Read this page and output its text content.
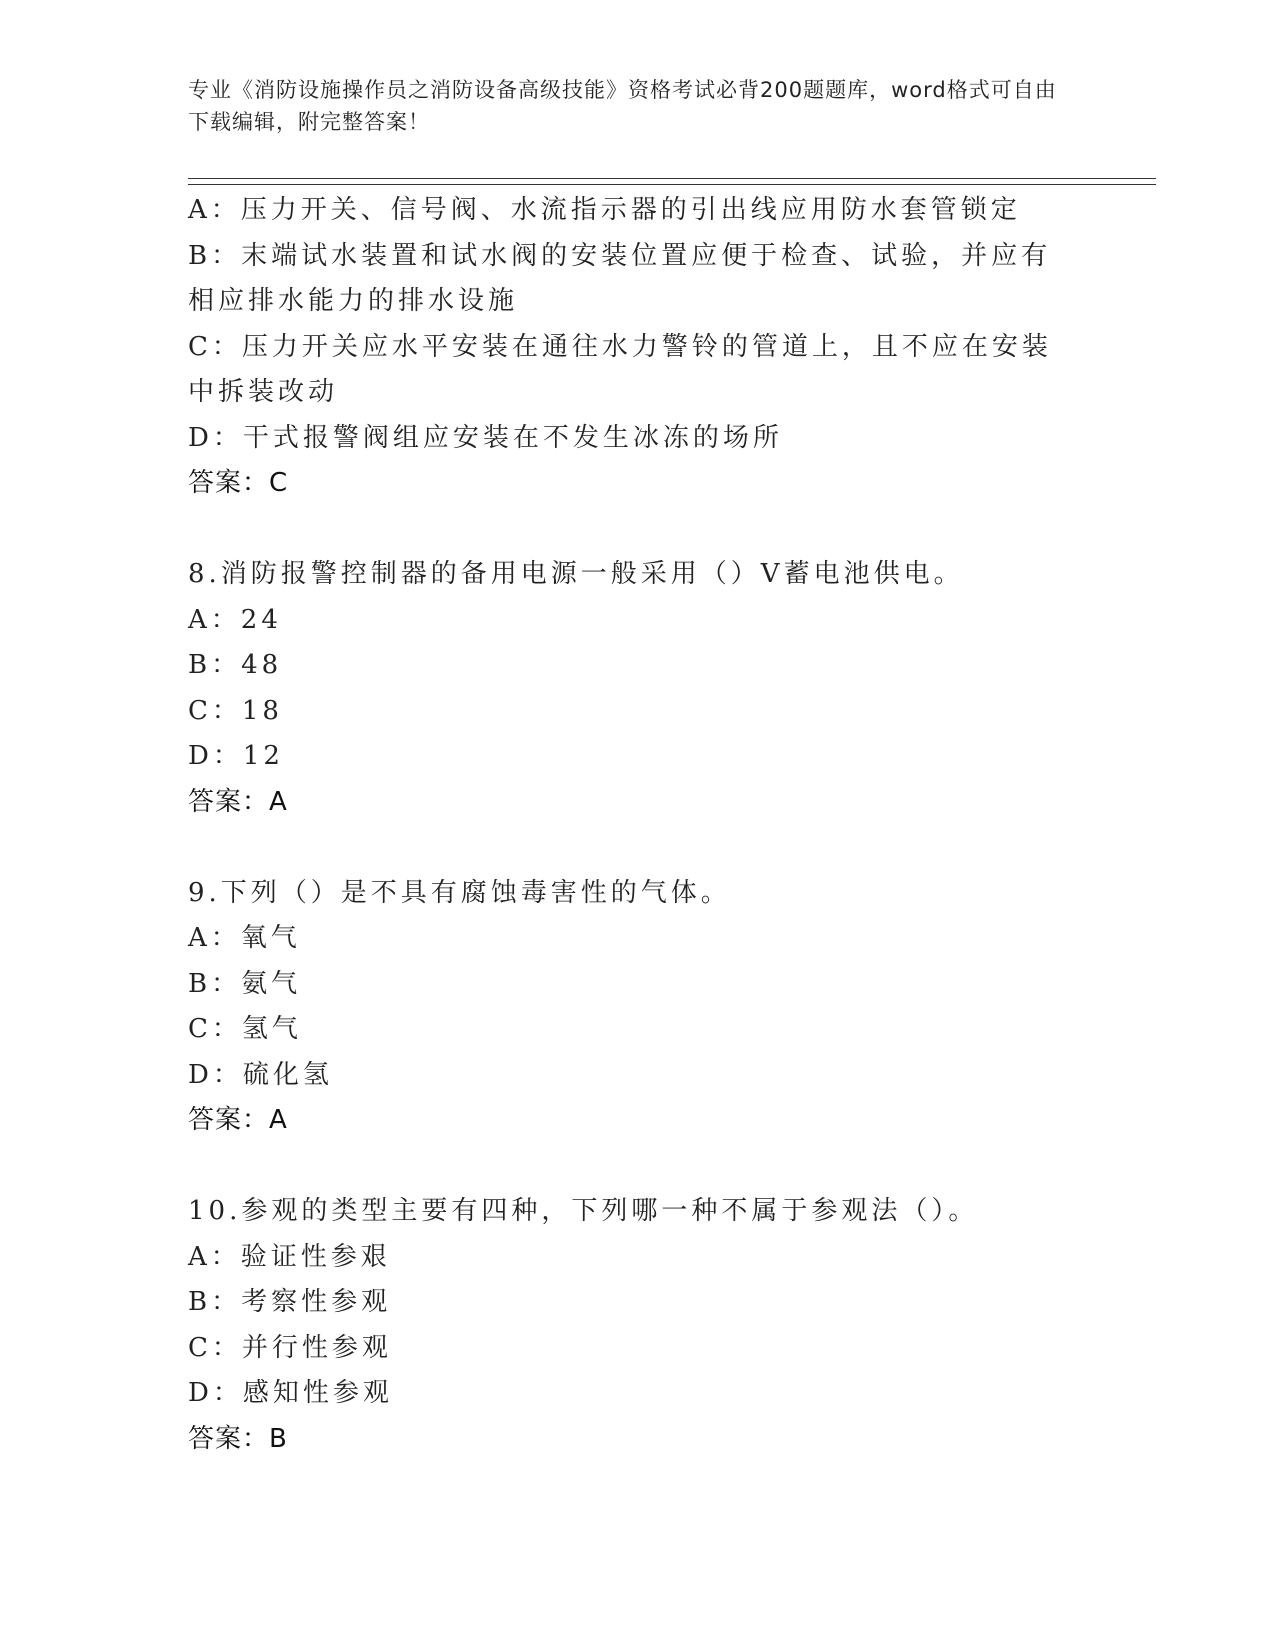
专业《消防设施操作员之消防设备高级技能》资格考试必背200题题库，word格式可自由下载编辑，附完整答案！
A：压力开关、信号阀、水流指示器的引出线应用防水套管锁定
B：末端试水装置和试水阀的安装位置应便于检查、试验，并应有相应排水能力的排水设施
C：压力开关应水平安装在通往水力警铃的管道上，且不应在安装中拆装改动
D：干式报警阀组应安装在不发生冰冻的场所
答案：C
8.消防报警控制器的备用电源一般采用（）V蓄电池供电。
A：24
B：48
C：18
D：12
答案：A
9.下列（）是不具有腐蚀毒害性的气体。
A：氧气
B：氨气
C：氢气
D：硫化氢
答案：A
10.参观的类型主要有四种，下列哪一种不属于参观法（）。
A：验证性参艰
B：考察性参观
C：并行性参观
D：感知性参观
答案：B
